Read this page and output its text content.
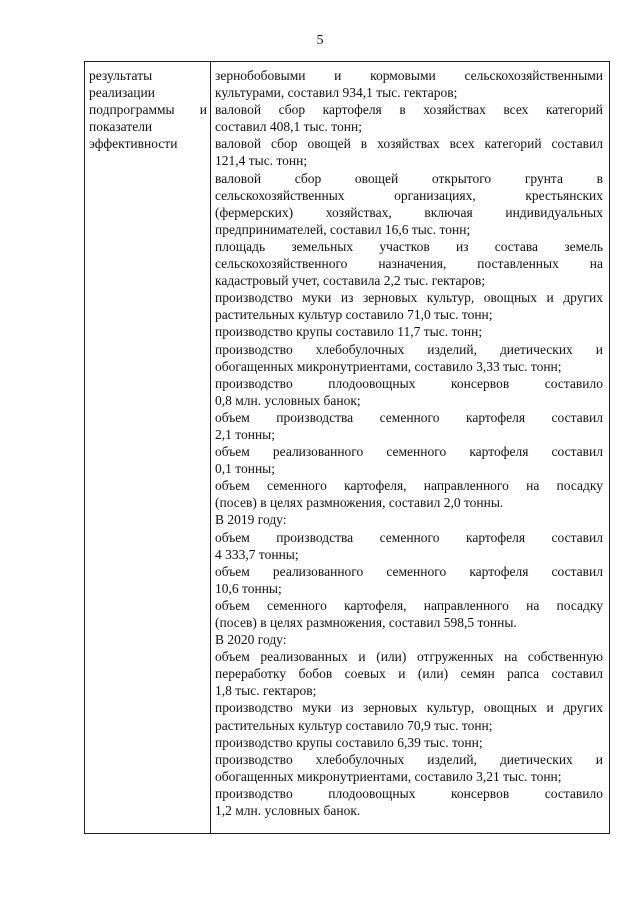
5
результаты
реализации
подпрограммы и
показатели
эффективности
зернобобовыми и кормовыми сельскохозяйственными
культурами, составил 934,1 тыс. гектаров;
валовой сбор картофеля в хозяйствах всех категорий
составил 408,1 тыс. тонн;
валовой сбор овощей в хозяйствах всех категорий составил
121,4 тыс. тонн;
валовой сбор овощей открытого грунта в
сельскохозяйственных организациях, крестьянских
(фермерских) хозяйствах, включая индивидуальных
предпринимателей, составил 16,6 тыс. тонн;
площадь земельных участков из состава земель
сельскохозяйственного назначения, поставленных на
кадастровый учет, составила 2,2 тыс. гектаров;
производство муки из зерновых культур, овощных и других
растительных культур составило 71,0 тыс. тонн;
производство крупы составило 11,7 тыс. тонн;
производство хлебобулочных изделий, диетических и
обогащенных микронутриентами, составило 3,33 тыс. тонн;
производство плодоовощных консервов составило
0,8 млн. условных банок;
объем производства семенного картофеля составил
2,1 тонны;
объем реализованного семенного картофеля составил
0,1 тонны;
объем семенного картофеля, направленного на посадку
(посев) в целях размножения, составил 2,0 тонны.
В 2019 году:
объем производства семенного картофеля составил
4 333,7 тонны;
объем реализованного семенного картофеля составил
10,6 тонны;
объем семенного картофеля, направленного на посадку
(посев) в целях размножения, составил 598,5 тонны.
В 2020 году:
объем реализованных и (или) отгруженных на собственную
переработку бобов соевых и (или) семян рапса составил
1,8 тыс. гектаров;
производство муки из зерновых культур, овощных и других
растительных культур составило 70,9 тыс. тонн;
производство крупы составило 6,39 тыс. тонн;
производство хлебобулочных изделий, диетических и
обогащенных микронутриентами, составило 3,21 тыс. тонн;
производство плодоовощных консервов составило
1,2 млн. условных банок.
